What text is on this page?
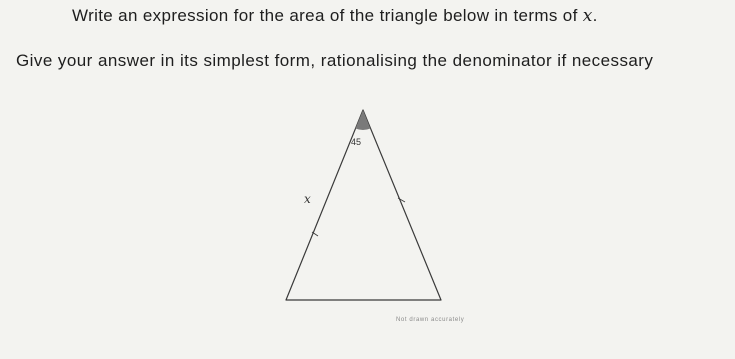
Write an expression for the area of the triangle below in terms of x.
Give your answer in its simplest form, rationalising the denominator if necessary
45
x
Not drawn accurately
